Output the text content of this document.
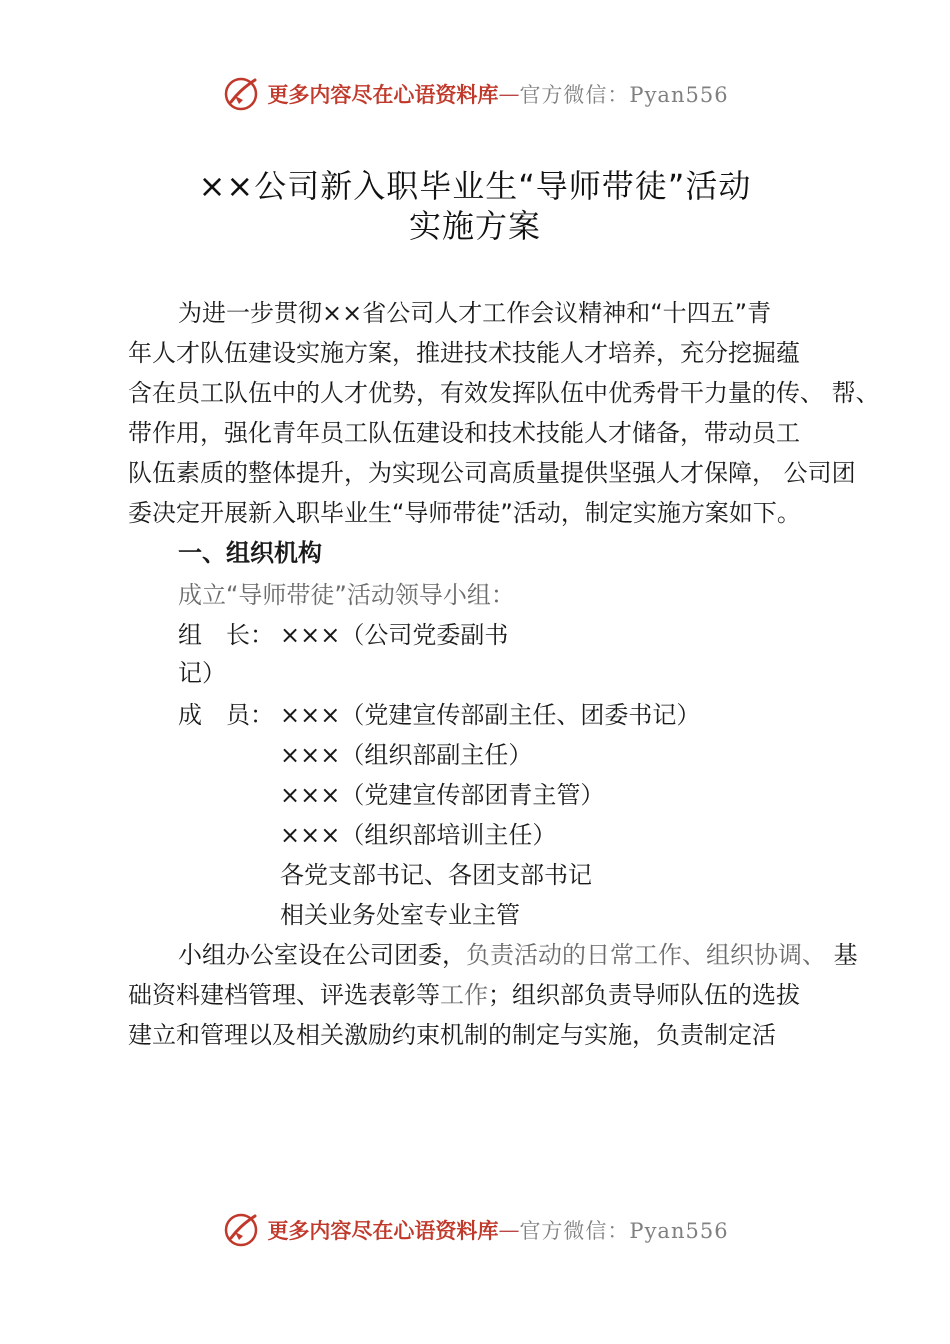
更多内容尽在心语资料库 — 官方微信：Pyan556
××公司新入职毕业生“导师带徒”活动
实施方案
为进一步贯彻××省公司人才工作会议精神和“十四五”青
年人才队伍建设实施方案，推进技术技能人才培养，充分挖掘蕴
含在员工队伍中的人才优势，有效发挥队伍中优秀骨干力量的传、 帮、
带作用，强化青年员工队伍建设和技术技能人才储备，带动员工
队伍素质的整体提升，为实现公司高质量提供坚强人才保障， 公司团
委决定开展新入职毕业生“导师带徒”活动，制定实施方案如下。
一、组织机构
成立“导师带徒”活动领导小组：
组　长： ×××（公司党委副书
记）
成　员： ×××（党建宣传部副主任、团委书记）
×××（组织部副主任）
×××（党建宣传部团青主管）
×××（组织部培训主任）
各党支部书记、各团支部书记
相关业务处室专业主管
小组办公室设在公司团委，负责活动的日常工作、组织协调、 基
础资料建档管理、评选表彰等工作；组织部负责导师队伍的选拔
建立和管理以及相关激励约束机制的制定与实施，负责制定活
更多内容尽在心语资料库 — 官方微信：Pyan556
